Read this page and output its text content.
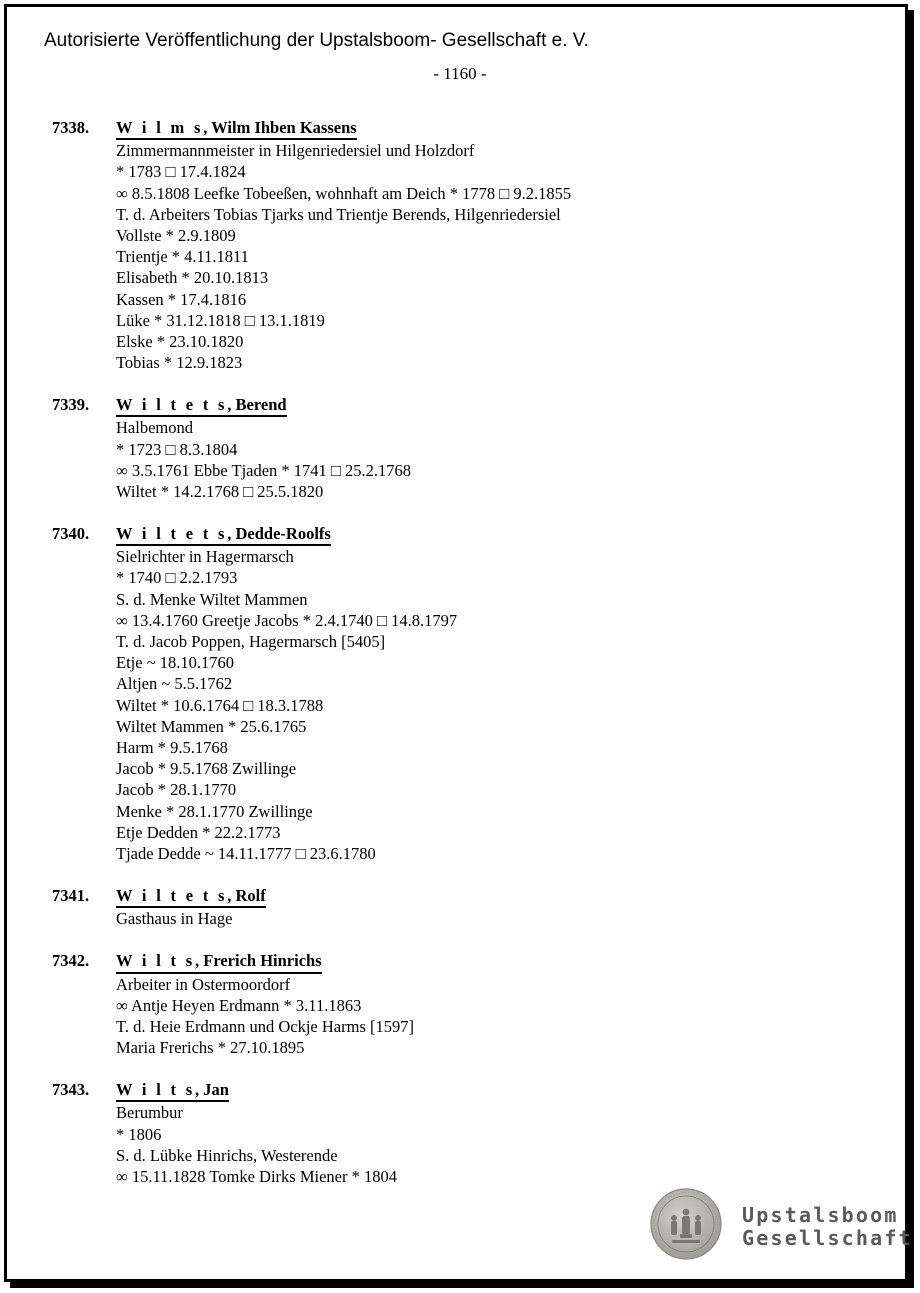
Autorisierte Veröffentlichung der Upstalsboom- Gesellschaft e. V.
- 1160 -
7338.	W i l m s, Wilm Ihben Kassens
Zimmermannmeister in Hilgenriedersiel und Holzdorf
* 1783 □ 17.4.1824
∞ 8.5.1808 Leefke Tobeeßen, wohnhaft am Deich * 1778 □ 9.2.1855
T. d. Arbeiters Tobias Tjarks und Trientje Berends, Hilgenriedersiel
Vollste * 2.9.1809
Trientje * 4.11.1811
Elisabeth * 20.10.1813
Kassen * 17.4.1816
Lüke * 31.12.1818 □ 13.1.1819
Elske * 23.10.1820
Tobias * 12.9.1823
7339.	W i l t e t s, Berend
Halbemond
* 1723 □ 8.3.1804
∞ 3.5.1761 Ebbe Tjaden * 1741 □ 25.2.1768
Wiltet * 14.2.1768 □ 25.5.1820
7340.	W i l t e t s, Dedde-Roolfs
Sielrichter in Hagermarsch
* 1740 □ 2.2.1793
S. d. Menke Wiltet Mammen
∞ 13.4.1760 Greetje Jacobs * 2.4.1740 □ 14.8.1797
T. d. Jacob Poppen, Hagermarsch [5405]
Etje ~ 18.10.1760
Altjen ~ 5.5.1762
Wiltet * 10.6.1764 □ 18.3.1788
Wiltet Mammen * 25.6.1765
Harm * 9.5.1768
Jacob * 9.5.1768 Zwillinge
Jacob * 28.1.1770
Menke * 28.1.1770 Zwillinge
Etje Dedden * 22.2.1773
Tjade Dedde ~ 14.11.1777 □ 23.6.1780
7341.	W i l t e t s, Rolf
Gasthaus in Hage
7342.	W i l t s, Frerich Hinrichs
Arbeiter in Ostermoordorf
∞ Antje Heyen Erdmann * 3.11.1863
T. d. Heie Erdmann und Ockje Harms [1597]
Maria Frerichs * 27.10.1895
7343.	W i l t s, Jan
Berumbur
* 1806
S. d. Lübke Hinrichs, Westerende
∞ 15.11.1828 Tomke Dirks Miener * 1804
Upstalsboom
Gesellschaft
